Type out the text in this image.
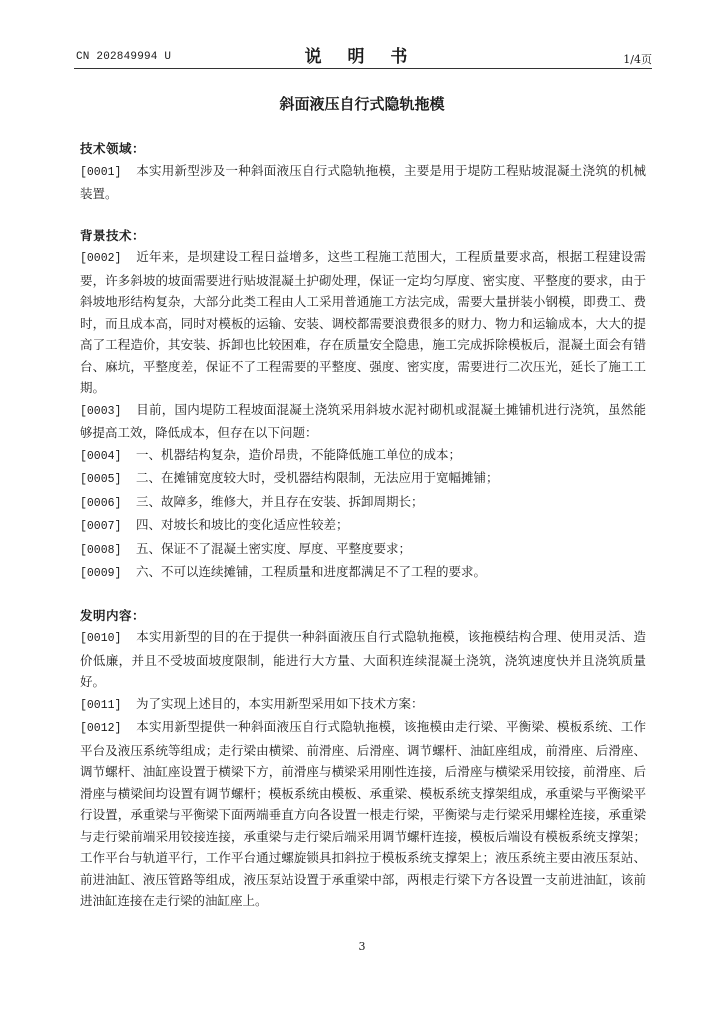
CN 202849994 U	说 明 书	1/4页
斜面液压自行式隐轨拖模
技术领域：

[0001] 本实用新型涉及一种斜面液压自行式隐轨拖模，主要是用于堤防工程贴坡混凝土浇筑的机械装置。

背景技术：

[0002] 近年来，是坝建设工程日益增多，这些工程施工范围大，工程质量要求高，根据工程建设需要，许多斜坡的坡面需要进行贴坡混凝土护砌处理，保证一定均匀厚度、密实度、平整度的要求，由于斜坡地形结构复杂，大部分此类工程由人工采用普通施工方法完成，需要大量拼装小钢模，即费工、费时，而且成本高，同时对模板的运输、安装、调校都需要浪费很多的财力、物力和运输成本，大大的提高了工程造价，其安装、拆卸也比较困难，存在质量安全隐患，施工完成拆除模板后，混凝土面会有错台、麻坑，平整度差，保证不了工程需要的平整度、强度、密实度，需要进行二次压光，延长了施工工期。

[0003] 目前，国内堤防工程坡面混凝土浇筑采用斜坡水泥衬砌机或混凝土摊铺机进行浇筑，虽然能够提高工效，降低成本，但存在以下问题：

[0004] 一、机器结构复杂，造价昂贵，不能降低施工单位的成本；

[0005] 二、在摊铺宽度较大时，受机器结构限制，无法应用于宽幅摊铺；

[0006] 三、故障多，维修大，并且存在安装、拆卸周期长；

[0007] 四、对坡长和坡比的变化适应性较差；

[0008] 五、保证不了混凝土密实度、厚度、平整度要求；

[0009] 六、不可以连续摊铺，工程质量和进度都满足不了工程的要求。

发明内容：

[0010] 本实用新型的目的在于提供一种斜面液压自行式隐轨拖模，该拖模结构合理、使用灵活、造价低廉，并且不受坡面坡度限制，能进行大方量、大面积连续混凝土浇筑，浇筑速度快并且浇筑质量好。

[0011] 为了实现上述目的，本实用新型采用如下技术方案：

[0012] 本实用新型提供一种斜面液压自行式隐轨拖模，该拖模由走行梁、平衡梁、模板系统、工作平台及液压系统等组成；走行梁由横梁、前滑座、后滑座、调节螺杆、油缸座组成，前滑座、后滑座、调节螺杆、油缸座设置于横梁下方，前滑座与横梁采用刚性连接，后滑座与横梁采用铰接，前滑座、后滑座与横梁间均设置有调节螺杆；模板系统由模板、承重梁、模板系统支撑架组成，承重梁与平衡梁平行设置，承重梁与平衡梁下面两端垂直方向各设置一根走行梁，平衡梁与走行梁采用螺栓连接，承重梁与走行梁前端采用铰接连接，承重梁与走行梁后端采用调节螺杆连接，模板后端设有模板系统支撑架；工作平台与轨道平行，工作平台通过螺旋锁具扣斜拉于模板系统支撑架上；液压系统主要由液压泵站、前进油缸、液压管路等组成，液压泵站设置于承重梁中部，两根走行梁下方各设置一支前进油缸，该前进油缸连接在走行梁的油缸座上。

3
